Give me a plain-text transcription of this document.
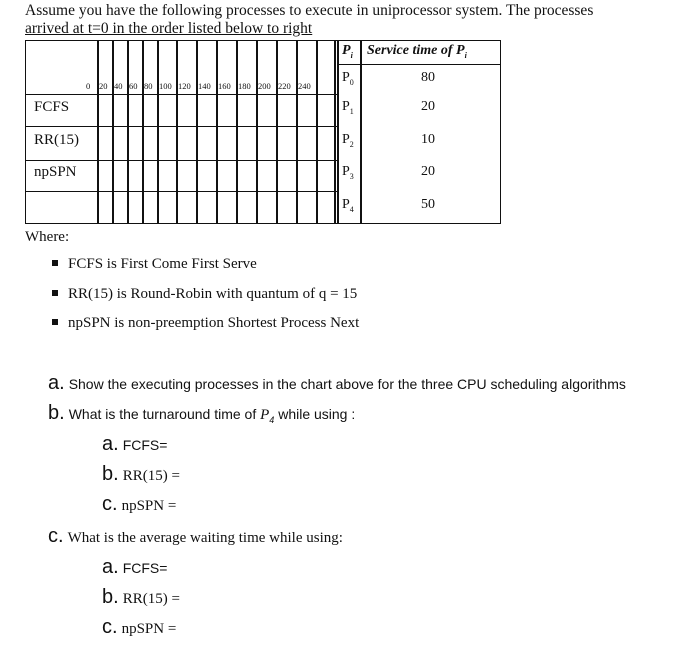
Assume you have the following processes to execute in uniprocessor system. The processes
arrived at t=0 in the order listed below to right
0 20 40 60 80 100 120 140 160 180 200 220 240
FCFS
RR(15)
npSPN
$P_i$ Service time of $P_i$
$P_0$	80
$P_1$	20
$P_2$	10
$P_3$	20
$P_4$	50
Where:
FCFS is First Come First Serve
RR(15) is Round-Robin with quantum of q = 15
npSPN is non-preemption Shortest Process Next
a. Show the executing processes in the chart above for the three CPU scheduling algorithms
b. What is the turnaround time of $P_4$ while using :
a. FCFS=
b. RR(15) =
c. npSPN =
c. What is the average waiting time while using:
a. FCFS=
b. RR(15) =
c. npSPN =
